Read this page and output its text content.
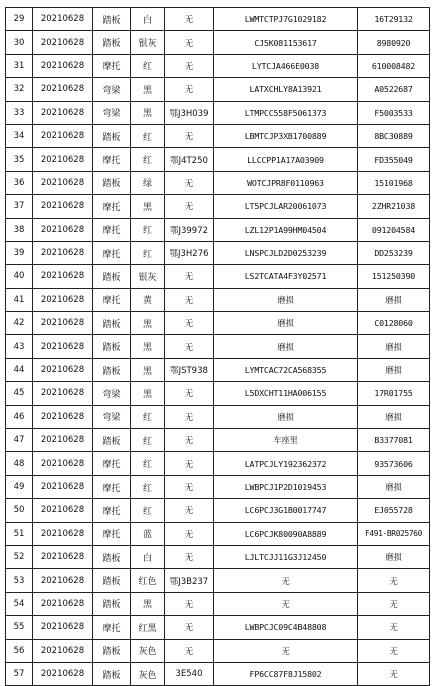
29	20210628	踏板	白	无	LWMTCTPJ7G1029182	16T29132
30	20210628	踏板	银灰	无	CJ5K081153617	8980920
31	20210628	摩托	红	无	LYTCJA466E0038	610008482
32	20210628	弯梁	黑	无	LATXCHLY8A13921	A0522687
33	20210628	弯梁	黑	鄂J3H039	LTMPCC558F5061373	F5003533
34	20210628	踏板	红	无	LBMTCJP3XB1700889	8BC30889
35	20210628	摩托	红	鄂J4T250	LLCCPP1A17A03909	FD355049
36	20210628	踏板	绿	无	WOTCJPR8F0110963	15101968
37	20210628	摩托	黑	无	LT5PCJLAR20061073	2ZHR21038
38	20210628	摩托	红	鄂J39972	LZL12P1A99HM04504	091204584
39	20210628	摩托	红	鄂J3H276	LNSPCJLD2D0253239	DD253239
40	20210628	踏板	银灰	无	LS2TCATA4F3Y02571	151250390
41	20210628	摩托	黄	无	磨损	磨损
42	20210628	踏板	黑	无	磨损	C0128060
43	20210628	踏板	黑	无	磨损	磨损
44	20210628	踏板	黑	鄂JST938	LYMTCAC72CA568355	磨损
45	20210628	弯梁	黑	无	L5DXCHT11HA006155	17R01755
46	20210628	弯梁	红	无	磨损	磨损
47	20210628	踏板	红	无	车座里	B3377081
48	20210628	摩托	红	无	LATPCJLY192362372	93573606
49	20210628	摩托	红	无	LWBPCJ1P2D1019453	磨损
50	20210628	摩托	红	无	LC6PCJ3G1B0017747	EJ055728
51	20210628	摩托	蓝	无	LC6PCJK80090A8889	F491-BR025760
52	20210628	踏板	白	无	LJLTCJJ11G3J12450	磨损
53	20210628	踏板	红色	鄂J3B237	无	无
54	20210628	踏板	黑	无	无	无
55	20210628	摩托	红黑	无	LWBPCJC09C4B48808	无
56	20210628	踏板	灰色	无	无	无
57	20210628	踏板	灰色	3E540	FP6CC87F8J15802	无
